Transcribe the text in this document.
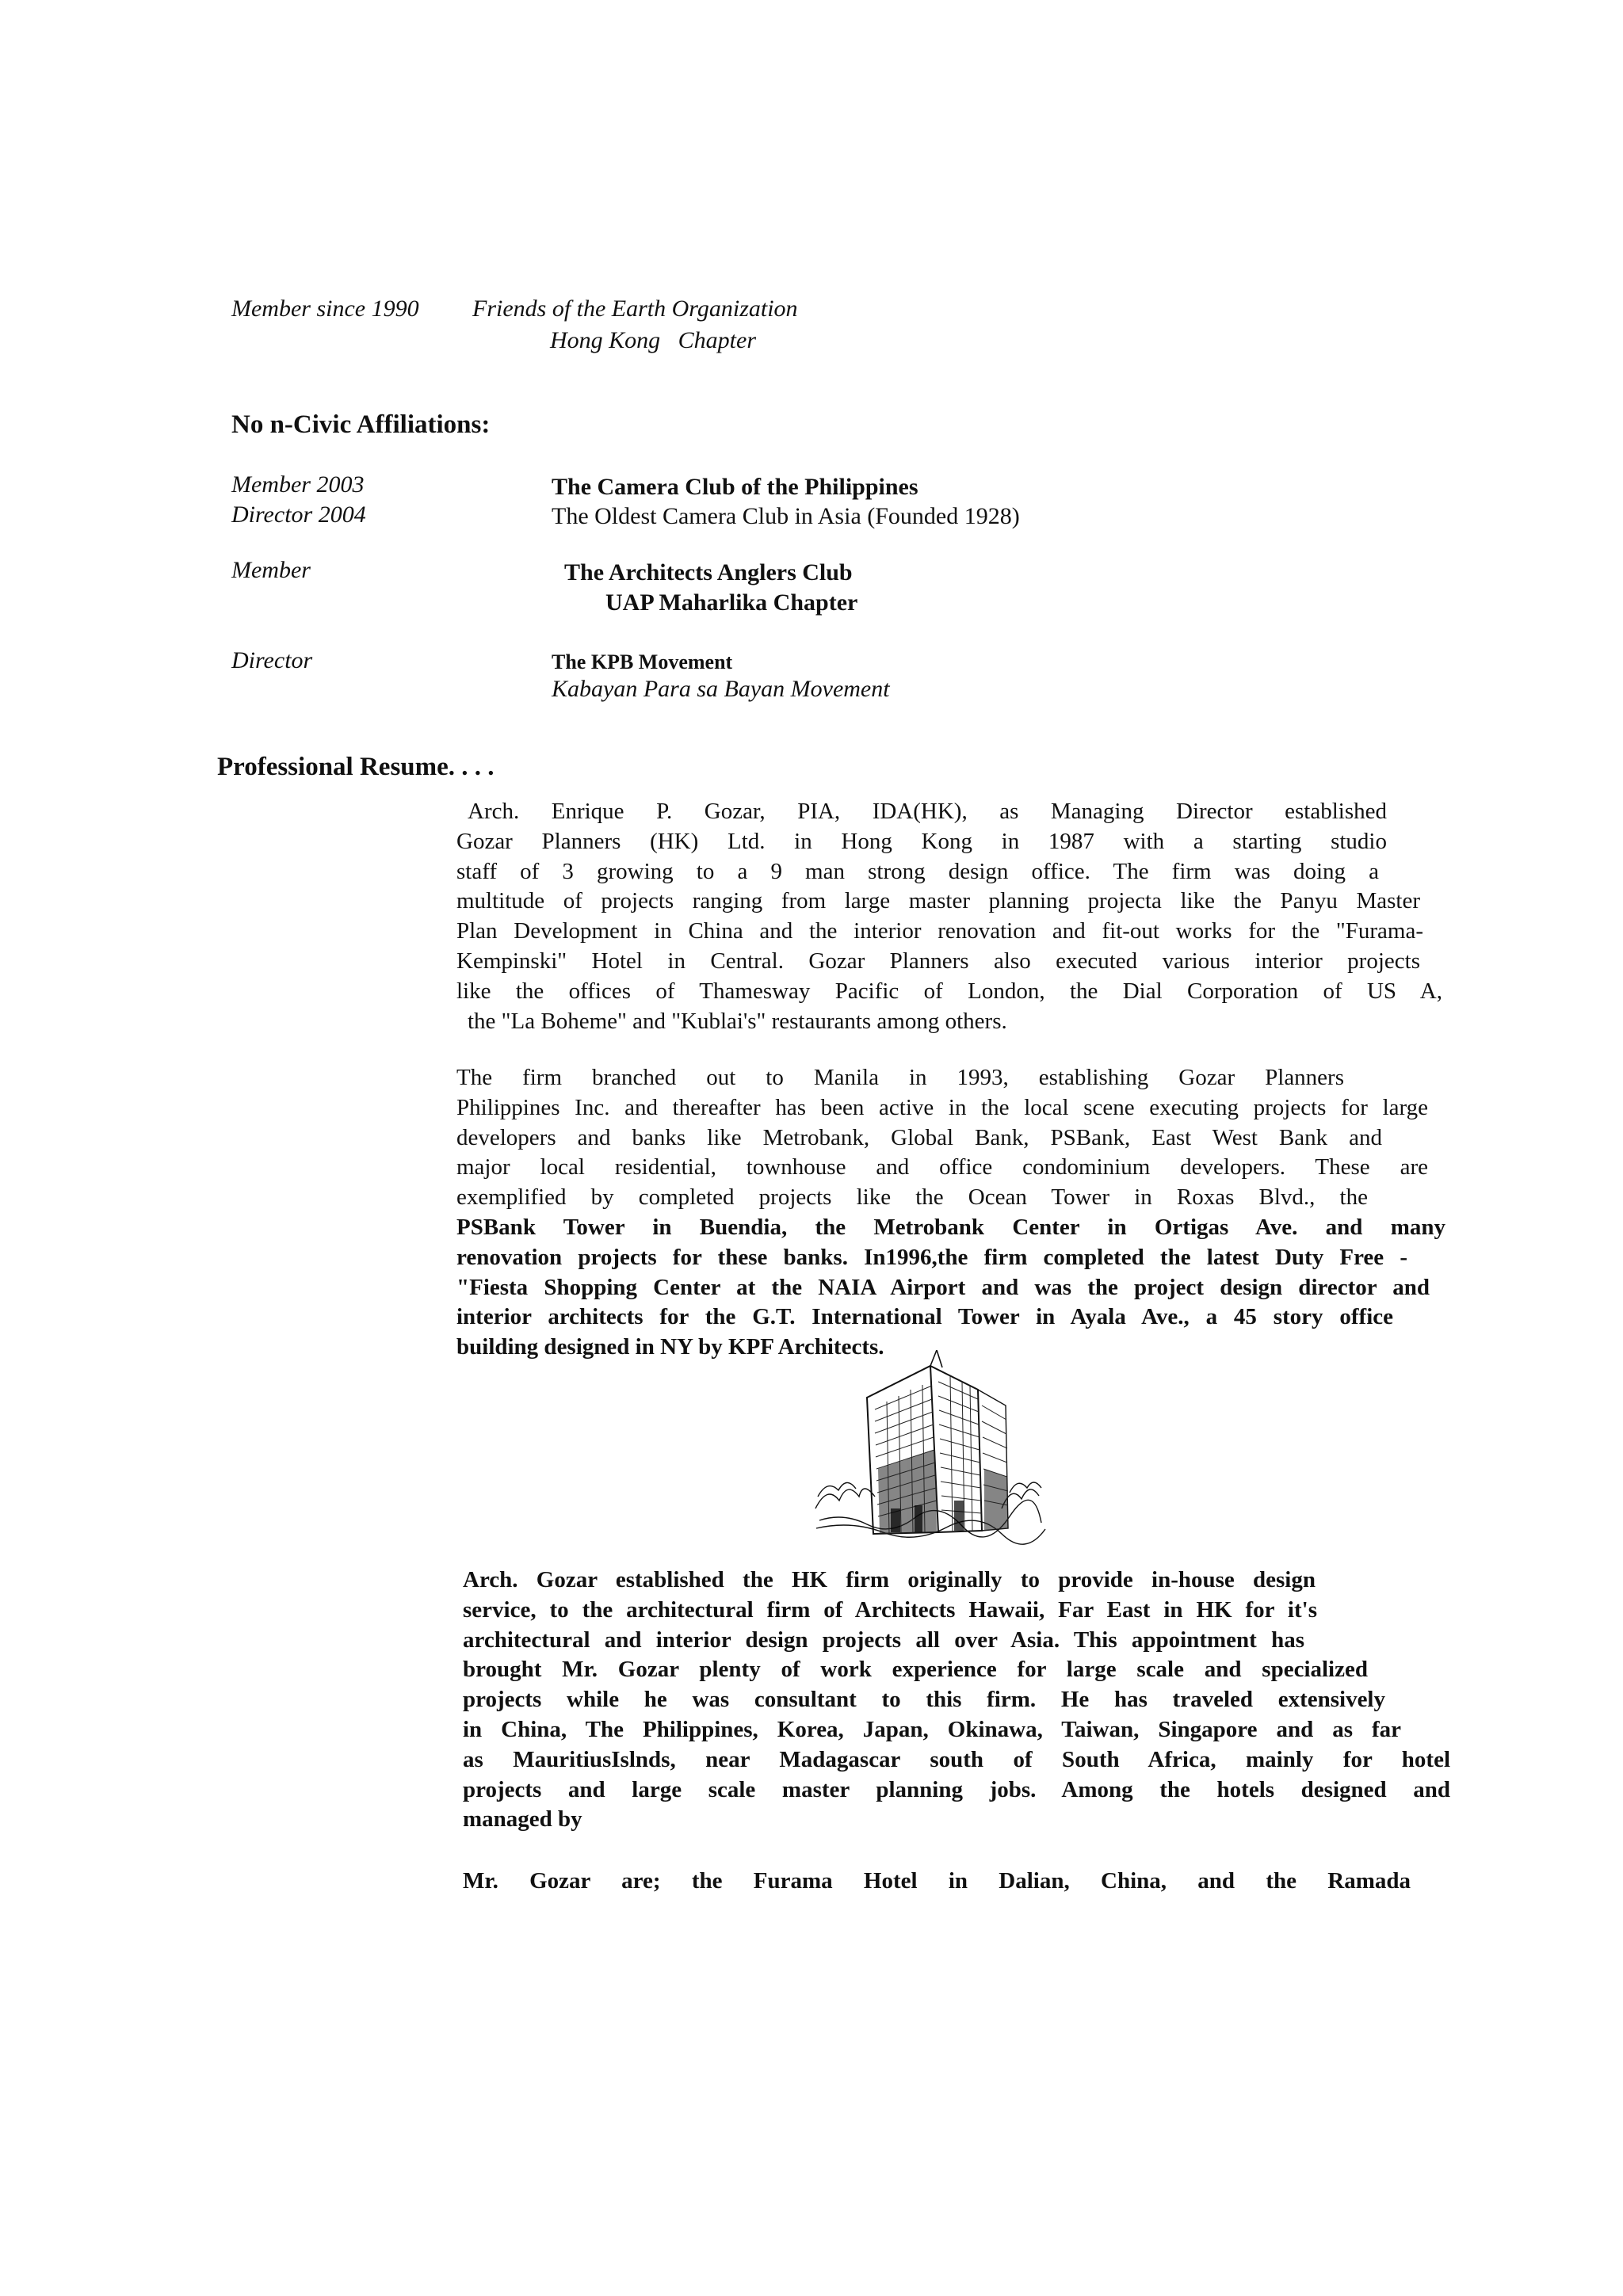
Member since 1990 Friends of the Earth Organization
Hong Kong   Chapter
No n-Civic Affiliations:
Member 2003
Director 2004
The Camera Club of the Philippines
The Oldest Camera Club in Asia (Founded 1928)
Member	The Architects Anglers Club
UAP Maharlika Chapter
Director	The KPB Movement
Kabayan Para sa Bayan Movement
Professional Resume. . . .
Arch. Enrique P. Gozar, PIA, IDA(HK), as Managing Director established
Gozar Planners (HK) Ltd. in Hong Kong in 1987 with a starting studio
staff of 3 growing to a 9 man strong design office. The firm was doing a
multitude of projects ranging from large master planning projecta like the Panyu Master
Plan Development in China and the interior renovation and fit-out works for the "Furama-
Kempinski" Hotel in Central. Gozar Planners also executed various interior projects
like the offices of Thamesway Pacific of London, the Dial Corporation of US A,
the "La Boheme" and "Kublai's" restaurants among others.
The firm branched out to Manila in 1993, establishing Gozar Planners
Philippines Inc. and thereafter has been active in the local scene executing projects for large
developers and banks like Metrobank, Global Bank, PSBank, East West Bank and
major local residential, townhouse and office condominium developers. These are
exemplified by completed projects like the Ocean Tower in Roxas Blvd., the
PSBank Tower in Buendia, the Metrobank Center in Ortigas Ave. and many
renovation projects for these banks. In1996,the firm completed the latest Duty Free -
"Fiesta Shopping Center at the NAIA Airport and was the project design director and
interior architects for the G.T. International Tower in Ayala Ave., a 45 story office
building designed in NY by KPF Architects.
Arch. Gozar established the HK firm originally to provide in-house design
service, to the architectural firm of Architects Hawaii, Far East in HK for it's
architectural and interior design projects all over Asia. This appointment has
brought Mr. Gozar plenty of work experience for large scale and specialized
projects while he was consultant to this firm. He has traveled extensively
in China, The Philippines, Korea, Japan, Okinawa, Taiwan, Singapore and as far
as MauritiusIslnds, near Madagascar south of South Africa, mainly for hotel
projects and large scale master planning jobs. Among the hotels designed and
managed by
Mr. Gozar are; the Furama Hotel in Dalian, China, and the Ramada
